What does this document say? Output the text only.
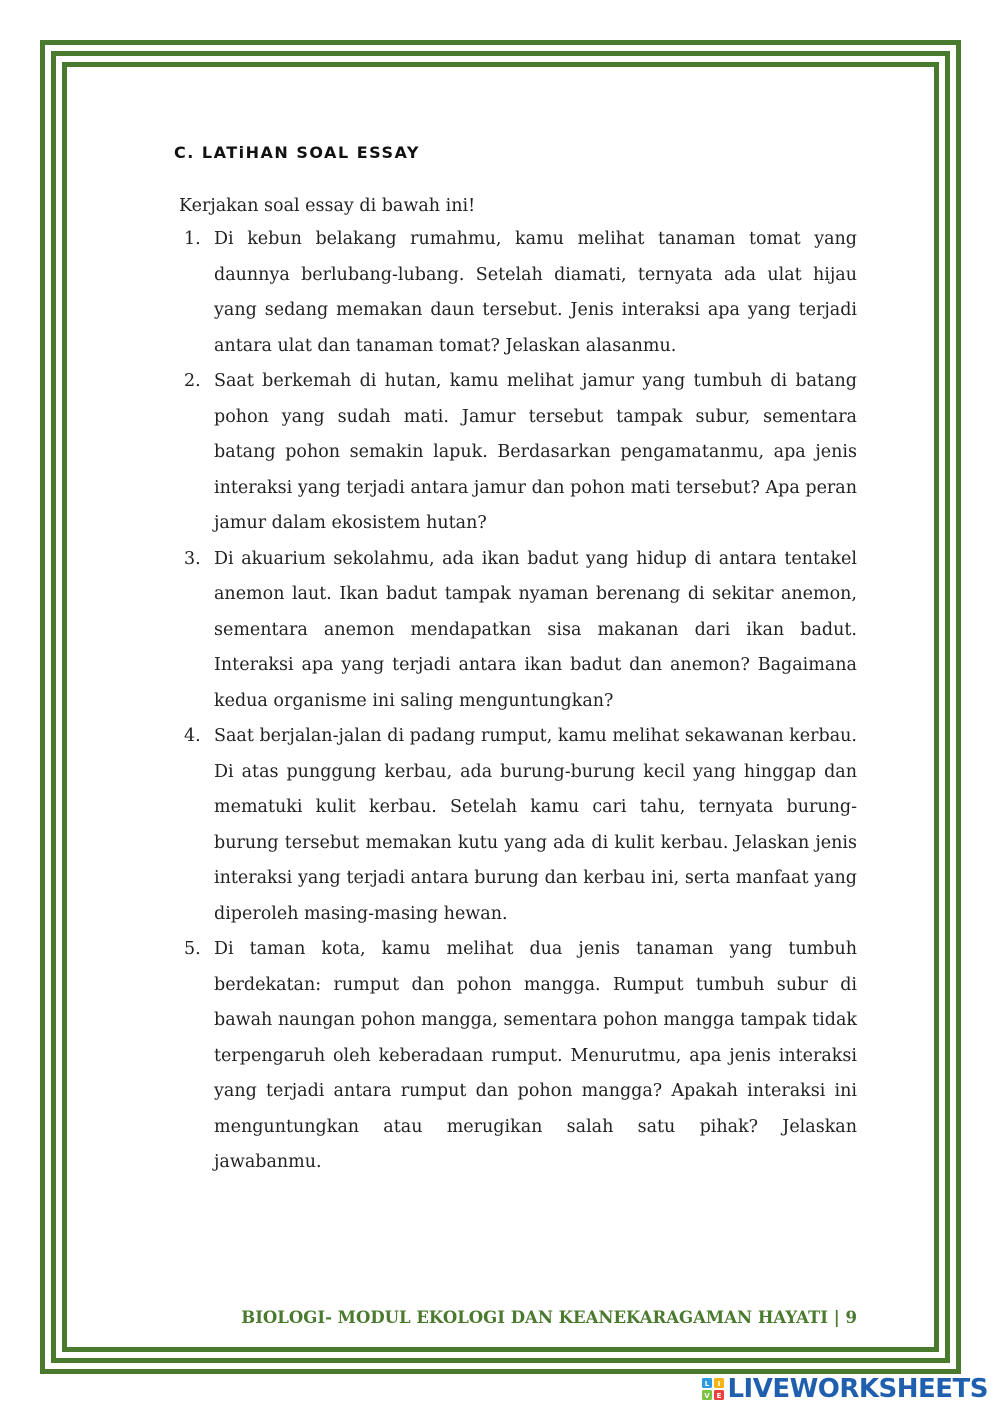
C. LATiHAN SOAL ESSAY

Kerjakan soal essay di bawah ini!

1. Di kebun belakang rumahmu, kamu melihat tanaman tomat yang daunnya berlubang-lubang. Setelah diamati, ternyata ada ulat hijau yang sedang memakan daun tersebut. Jenis interaksi apa yang terjadi antara ulat dan tanaman tomat? Jelaskan alasanmu.
2. Saat berkemah di hutan, kamu melihat jamur yang tumbuh di batang pohon yang sudah mati. Jamur tersebut tampak subur, sementara batang pohon semakin lapuk. Berdasarkan pengamatanmu, apa jenis interaksi yang terjadi antara jamur dan pohon mati tersebut? Apa peran jamur dalam ekosistem hutan?
3. Di akuarium sekolahmu, ada ikan badut yang hidup di antara tentakel anemon laut. Ikan badut tampak nyaman berenang di sekitar anemon, sementara anemon mendapatkan sisa makanan dari ikan badut. Interaksi apa yang terjadi antara ikan badut dan anemon? Bagaimana kedua organisme ini saling menguntungkan?
4. Saat berjalan-jalan di padang rumput, kamu melihat sekawanan kerbau. Di atas punggung kerbau, ada burung-burung kecil yang hinggap dan mematuki kulit kerbau. Setelah kamu cari tahu, ternyata burung-burung tersebut memakan kutu yang ada di kulit kerbau. Jelaskan jenis interaksi yang terjadi antara burung dan kerbau ini, serta manfaat yang diperoleh masing-masing hewan.
5. Di taman kota, kamu melihat dua jenis tanaman yang tumbuh berdekatan: rumput dan pohon mangga. Rumput tumbuh subur di bawah naungan pohon mangga, sementara pohon mangga tampak tidak terpengaruh oleh keberadaan rumput. Menurutmu, apa jenis interaksi yang terjadi antara rumput dan pohon mangga? Apakah interaksi ini menguntungkan atau merugikan salah satu pihak? Jelaskan jawabanmu.

BIOLOGI- MODUL EKOLOGI DAN KEANEKARAGAMAN HAYATI | 9

L I
V E LIVEWORKSHEETS
